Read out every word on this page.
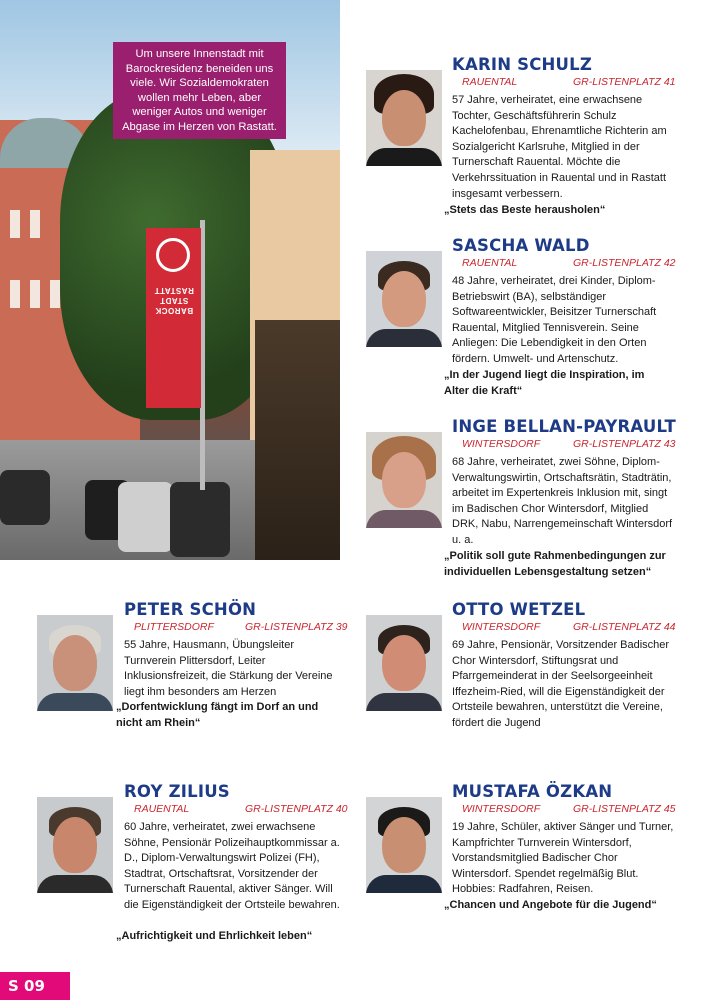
BAROCK STADT RASTATT
Um unsere Innenstadt mit Barockresidenz beneiden uns viele. Wir Sozialdemokraten wollen mehr Leben, aber weniger Autos und weniger Abgase im Herzen von Rastatt.
KARIN SCHULZ
RAUENTAL	GR-LISTENPLATZ 41
57 Jahre, verheiratet, eine erwachsene Tochter, Geschäftsführerin Schulz Kachelofenbau, Ehrenamtliche Richterin am Sozialgericht Karlsruhe, Mitglied in der Turnerschaft Rauental. Möchte die Verkehrssituation in Rauental und in Rastatt insgesamt verbessern.
„Stets das Beste herausholen“
SASCHA WALD
RAUENTAL	GR-LISTENPLATZ 42
48 Jahre, verheiratet, drei Kinder, Diplom-Betriebswirt (BA), selbständiger Softwareentwickler, Beisitzer Turnerschaft Rauental, Mitglied Tennisverein. Seine Anliegen: Die Lebendigkeit in den Orten fördern. Umwelt- und Artenschutz.
„In der Jugend liegt die Inspiration, im Alter die Kraft“
INGE BELLAN-PAYRAULT
WINTERSDORF	GR-LISTENPLATZ 43
68 Jahre, verheiratet, zwei Söhne, Diplom-Verwaltungswirtin, Ortschaftsrätin, Stadträtin, arbeitet im Expertenkreis Inklusion mit, singt im Badischen Chor Wintersdorf, Mitglied DRK, Nabu, Narrengemeinschaft Wintersdorf u. a.
„Politik soll gute Rahmenbedingungen zur individuellen Lebensgestaltung setzen“
PETER SCHÖN
PLITTERSDORF	GR-LISTENPLATZ 39
55 Jahre, Hausmann, Übungsleiter Turnverein Plittersdorf, Leiter Inklusionsfreizeit, die Stärkung der Vereine liegt ihm besonders am Herzen
„Dorfentwicklung fängt im Dorf an und nicht am Rhein“
OTTO WETZEL
WINTERSDORF	GR-LISTENPLATZ 44
69 Jahre, Pensionär, Vorsitzender Badischer Chor Wintersdorf, Stiftungsrat und Pfarrgemeinderat in der Seelsorgeeinheit Iffezheim-Ried, will die Eigenständigkeit der Ortsteile bewahren, unterstützt die Vereine, fördert die Jugend
ROY ZILIUS
RAUENTAL	GR-LISTENPLATZ 40
60 Jahre, verheiratet, zwei erwachsene Söhne, Pensionär Polizeihauptkommissar a. D., Diplom-Verwaltungswirt Polizei (FH), Stadtrat, Ortschaftsrat, Vorsitzender der Turnerschaft Rauental, aktiver Sänger. Will die Eigenständigkeit der Ortsteile bewahren.
„Aufrichtigkeit und Ehrlichkeit leben“
MUSTAFA ÖZKAN
WINTERSDORF	GR-LISTENPLATZ 45
19 Jahre, Schüler, aktiver Sänger und Turner, Kampfrichter Turnverein Wintersdorf, Vorstandsmitglied Badischer Chor Wintersdorf. Spendet regelmäßig Blut. Hobbies: Radfahren, Reisen.
„Chancen und Angebote für die Jugend“
S 09
